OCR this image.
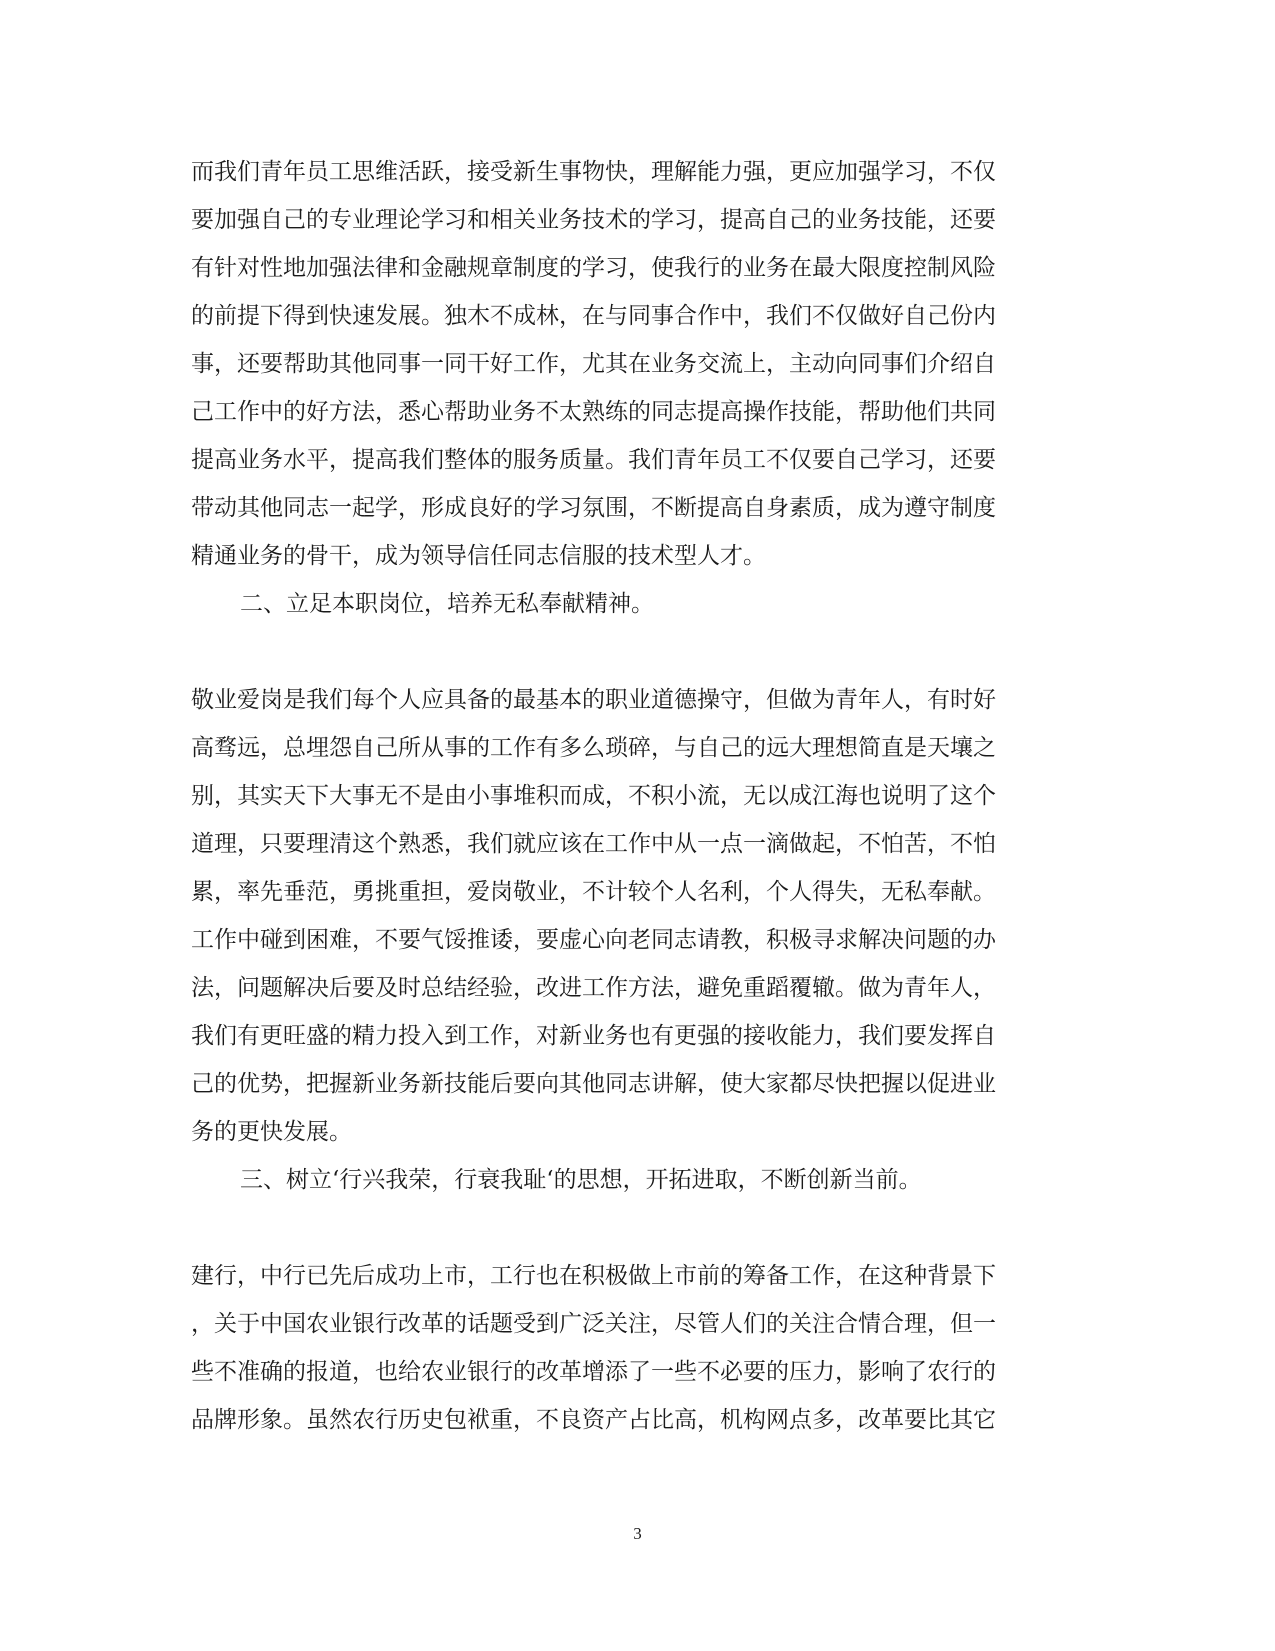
而我们青年员工思维活跃，接受新生事物快，理解能力强，更应加强学习，不仅
要加强自己的专业理论学习和相关业务技术的学习，提高自己的业务技能，还要
有针对性地加强法律和金融规章制度的学习，使我行的业务在最大限度控制风险
的前提下得到快速发展。独木不成林，在与同事合作中，我们不仅做好自己份内
事，还要帮助其他同事一同干好工作，尤其在业务交流上，主动向同事们介绍自
己工作中的好方法，悉心帮助业务不太熟练的同志提高操作技能，帮助他们共同
提高业务水平，提高我们整体的服务质量。我们青年员工不仅要自己学习，还要
带动其他同志一起学，形成良好的学习氛围，不断提高自身素质，成为遵守制度
精通业务的骨干，成为领导信任同志信服的技术型人才。
二、立足本职岗位，培养无私奉献精神。
敬业爱岗是我们每个人应具备的最基本的职业道德操守，但做为青年人，有时好
高骛远，总埋怨自己所从事的工作有多么琐碎，与自己的远大理想简直是天壤之
别，其实天下大事无不是由小事堆积而成，不积小流，无以成江海也说明了这个
道理，只要理清这个熟悉，我们就应该在工作中从一点一滴做起，不怕苦，不怕
累，率先垂范，勇挑重担，爱岗敬业，不计较个人名利，个人得失，无私奉献。
工作中碰到困难，不要气馁推诿，要虚心向老同志请教，积极寻求解决问题的办
法，问题解决后要及时总结经验，改进工作方法，避免重蹈覆辙。做为青年人，
我们有更旺盛的精力投入到工作，对新业务也有更强的接收能力，我们要发挥自
己的优势，把握新业务新技能后要向其他同志讲解，使大家都尽快把握以促进业
务的更快发展。
三、树立‘行兴我荣，行衰我耻‘的思想，开拓进取，不断创新当前。
建行，中行已先后成功上市，工行也在积极做上市前的筹备工作，在这种背景下
，关于中国农业银行改革的话题受到广泛关注，尽管人们的关注合情合理，但一
些不准确的报道，也给农业银行的改革增添了一些不必要的压力，影响了农行的
品牌形象。虽然农行历史包袱重，不良资产占比高，机构网点多，改革要比其它
3
